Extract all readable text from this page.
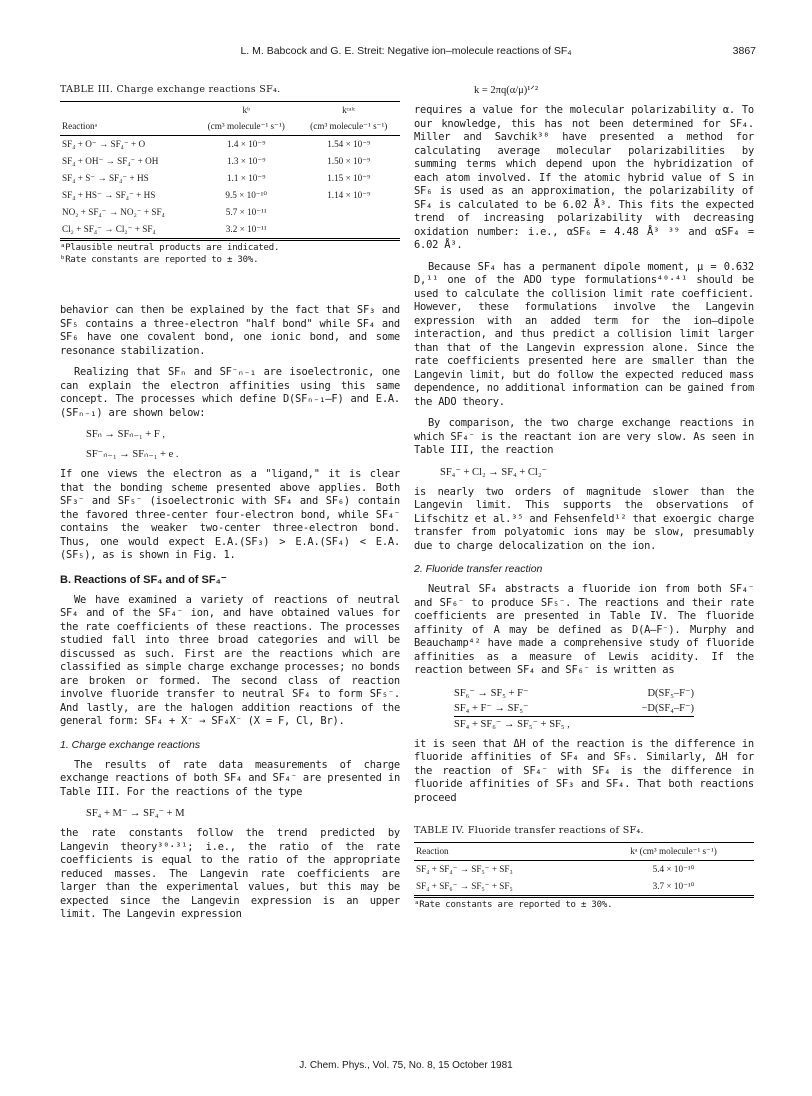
L. M. Babcock and G. E. Streit: Negative ion–molecule reactions of SF₄	3867
TABLE III. Charge exchange reactions SF₄.
	kᵇ	kᶜᵃˡᶜ
Reactionᵃ	(cm³ molecule⁻¹ s⁻¹)	(cm³ molecule⁻¹ s⁻¹)
SF₄ + O⁻ → SF₄⁻ + O	1.4 × 10⁻⁹	1.54 × 10⁻⁹
SF₄ + OH⁻ → SF₄⁻ + OH	1.3 × 10⁻⁹	1.50 × 10⁻⁹
SF₄ + S⁻ → SF₄⁻ + HS	1.1 × 10⁻⁹	1.15 × 10⁻⁹
SF₄ + HS⁻ → SF₄⁻ + HS	9.5 × 10⁻¹⁰	1.14 × 10⁻⁹
NO₂ + SF₄⁻ → NO₂⁻ + SF₄	5.7 × 10⁻¹¹	
Cl₂ + SF₄⁻ → Cl₂⁻ + SF₄	3.2 × 10⁻¹¹	

ᵃPlausible neutral products are indicated.

ᵇRate constants are reported to ± 30%.

behavior can then be explained by the fact that SF₃ and SF₅ contains a three-electron "half bond" while SF₄ and SF₆ have one covalent bond, one ionic bond, and some resonance stabilization.

Realizing that SFₙ and SF⁻ₙ₋₁ are isoelectronic, one can explain the electron affinities using this same concept. The processes which define D(SFₙ₋₁–F) and E.A.(SFₙ₋₁) are shown below:

SFₙ → SFₙ₋₁ + F ,
SF⁻ₙ₋₁ → SFₙ₋₁ + e .

If one views the electron as a "ligand," it is clear that the bonding scheme presented above applies. Both SF₃⁻ and SF₅⁻ (isoelectronic with SF₄ and SF₆) contain the favored three-center four-electron bond, while SF₄⁻ contains the weaker two-center three-electron bond. Thus, one would expect E.A.(SF₃) > E.A.(SF₄) < E.A.(SF₅), as is shown in Fig. 1.

B. Reactions of SF₄ and of SF₄⁻

We have examined a variety of reactions of neutral SF₄ and of the SF₄⁻ ion, and have obtained values for the rate coefficients of these reactions. The processes studied fall into three broad categories and will be discussed as such. First are the reactions which are classified as simple charge exchange processes; no bonds are broken or formed. The second class of reaction involve fluoride transfer to neutral SF₄ to form SF₅⁻. And lastly, are the halogen addition reactions of the general form: SF₄ + X⁻ → SF₄X⁻ (X = F, Cl, Br).

1. Charge exchange reactions

The results of rate data measurements of charge exchange reactions of both SF₄ and SF₄⁻ are presented in Table III. For the reactions of the type

SF₄ + M⁻ → SF₄⁻ + M

the rate constants follow the trend predicted by Langevin theory³⁰·³¹; i.e., the ratio of the rate coefficients is equal to the ratio of the appropriate reduced masses. The Langevin rate coefficients are larger than the experimental values, but this may be expected since the Langevin expression is an upper limit. The Langevin expression

k = 2πq(α/μ)¹ᐟ²

requires a value for the molecular polarizability α. To our knowledge, this has not been determined for SF₄. Miller and Savchik³⁸ have presented a method for calculating average molecular polarizabilities by summing terms which depend upon the hybridization of each atom involved. If the atomic hybrid value of S in SF₆ is used as an approximation, the polarizability of SF₄ is calculated to be 6.02 Å³. This fits the expected trend of increasing polarizability with decreasing oxidation number: i.e., αSF₆ = 4.48 Å³ ³⁹ and αSF₄ = 6.02 Å³.

Because SF₄ has a permanent dipole moment, μ = 0.632 D,¹¹ one of the ADO type formulations⁴⁰·⁴¹ should be used to calculate the collision limit rate coefficient. However, these formulations involve the Langevin expression with an added term for the ion–dipole interaction, and thus predict a collision limit larger than that of the Langevin expression alone. Since the rate coefficients presented here are smaller than the Langevin limit, but do follow the expected reduced mass dependence, no additional information can be gained from the ADO theory.

By comparison, the two charge exchange reactions in which SF₄⁻ is the reactant ion are very slow. As seen in Table III, the reaction

SF₄⁻ + Cl₂ → SF₄ + Cl₂⁻

is nearly two orders of magnitude slower than the Langevin limit. This supports the observations of Lifschitz et al.³⁵ and Fehsenfeld¹² that exoergic charge transfer from polyatomic ions may be slow, presumably due to charge delocalization on the ion.

2. Fluoride transfer reaction

Neutral SF₄ abstracts a fluoride ion from both SF₄⁻ and SF₆⁻ to produce SF₅⁻. The reactions and their rate coefficients are presented in Table IV. The fluoride affinity of A may be defined as D(A–F⁻). Murphy and Beauchamp⁴² have made a comprehensive study of fluoride affinities as a measure of Lewis acidity. If the reaction between SF₄ and SF₆⁻ is written as

SF₆⁻ → SF₅ + F⁻	D(SF₅–F⁻)
SF₄ + F⁻ → SF₅⁻	−D(SF₄–F⁻)
SF₄ + SF₆⁻ → SF₅⁻ + SF₅ ,

it is seen that ΔH of the reaction is the difference in fluoride affinities of SF₄ and SF₅. Similarly, ΔH for the reaction of SF₄⁻ with SF₄ is the difference in fluoride affinities of SF₃ and SF₄. That both reactions proceed

TABLE IV. Fluoride transfer reactions of SF₄.
Reaction	kᵃ (cm³ molecule⁻¹ s⁻¹)
SF₄ + SF₄⁻ → SF₅⁻ + SF₃	5.4 × 10⁻¹⁰
SF₄ + SF₆⁻ → SF₅⁻ + SF₅	3.7 × 10⁻¹⁰

ᵃRate constants are reported to ± 30%.

J. Chem. Phys., Vol. 75, No. 8, 15 October 1981
